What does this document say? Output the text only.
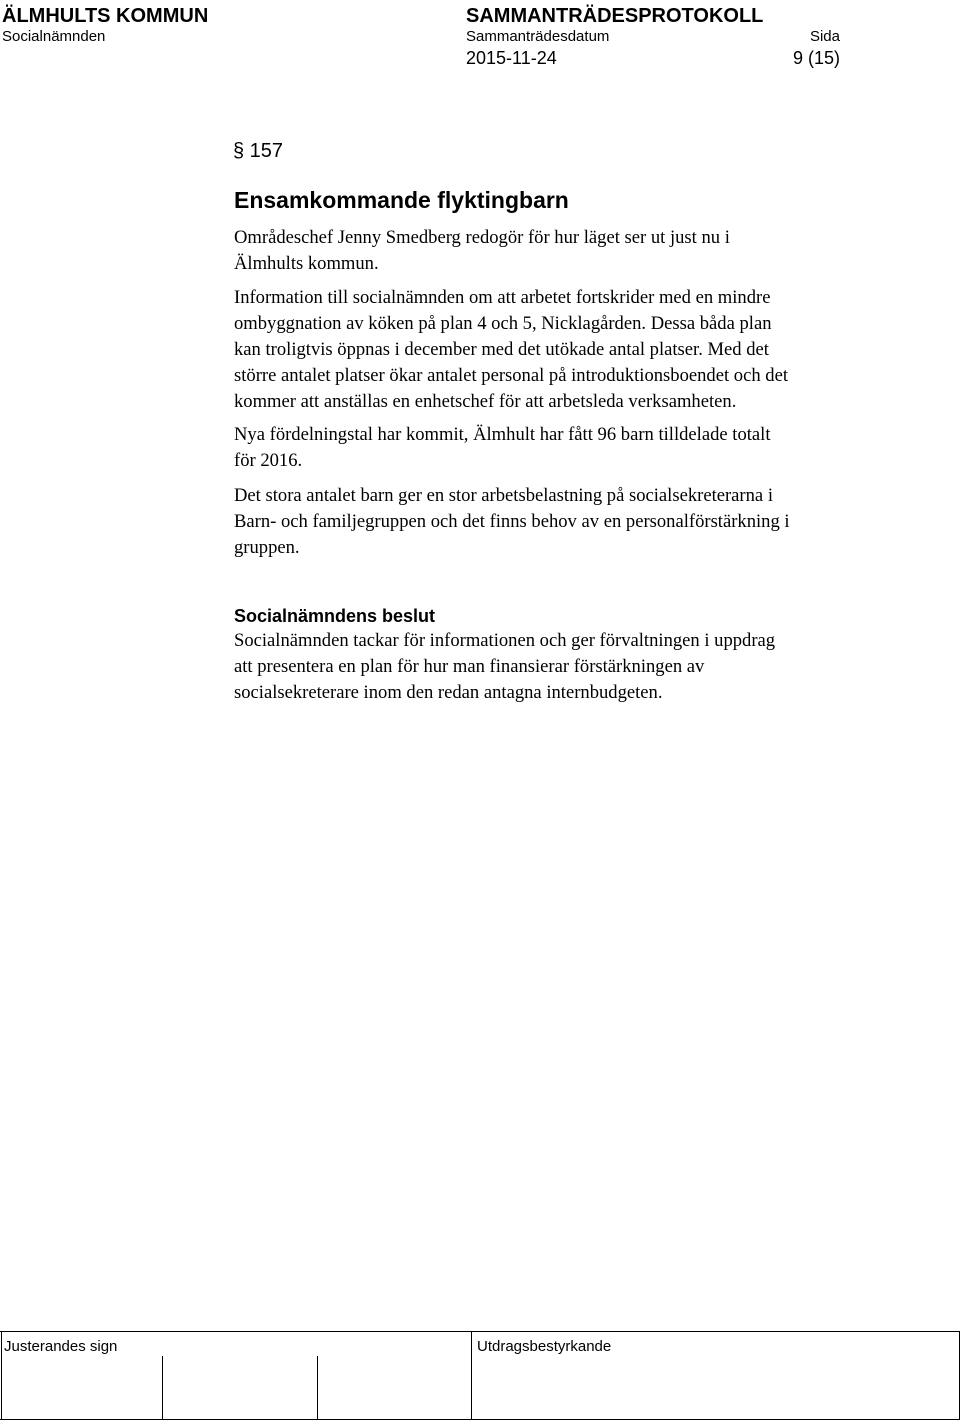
ÄLMHULTS KOMMUN	SAMMANTRÄDESPROTOKOLL
Socialnämnden	Sammanträdesdatum	Sida
2015-11-24	9 (15)
§ 157
Ensamkommande flyktingbarn
Områdeschef Jenny Smedberg redogör för hur läget ser ut just nu i
Älmhults kommun.
Information till socialnämnden om att arbetet fortskrider med en mindre
ombyggnation av köken på plan 4 och 5, Nicklagården. Dessa båda plan
kan troligtvis öppnas i december med det utökade antal platser. Med det
större antalet platser ökar antalet personal på introduktionsboendet och det
kommer att anställas en enhetschef för att arbetsleda verksamheten.
Nya fördelningstal har kommit, Älmhult har fått 96 barn tilldelade totalt
för 2016.
Det stora antalet barn ger en stor arbetsbelastning på socialsekreterarna i
Barn- och familjegruppen och det finns behov av en personalförstärkning i
gruppen.
Socialnämndens beslut
Socialnämnden tackar för informationen och ger förvaltningen i uppdrag
att presentera en plan för hur man finansierar förstärkningen av
socialsekreterare inom den redan antagna internbudgeten.
Justerandes sign	Utdragsbestyrkande
